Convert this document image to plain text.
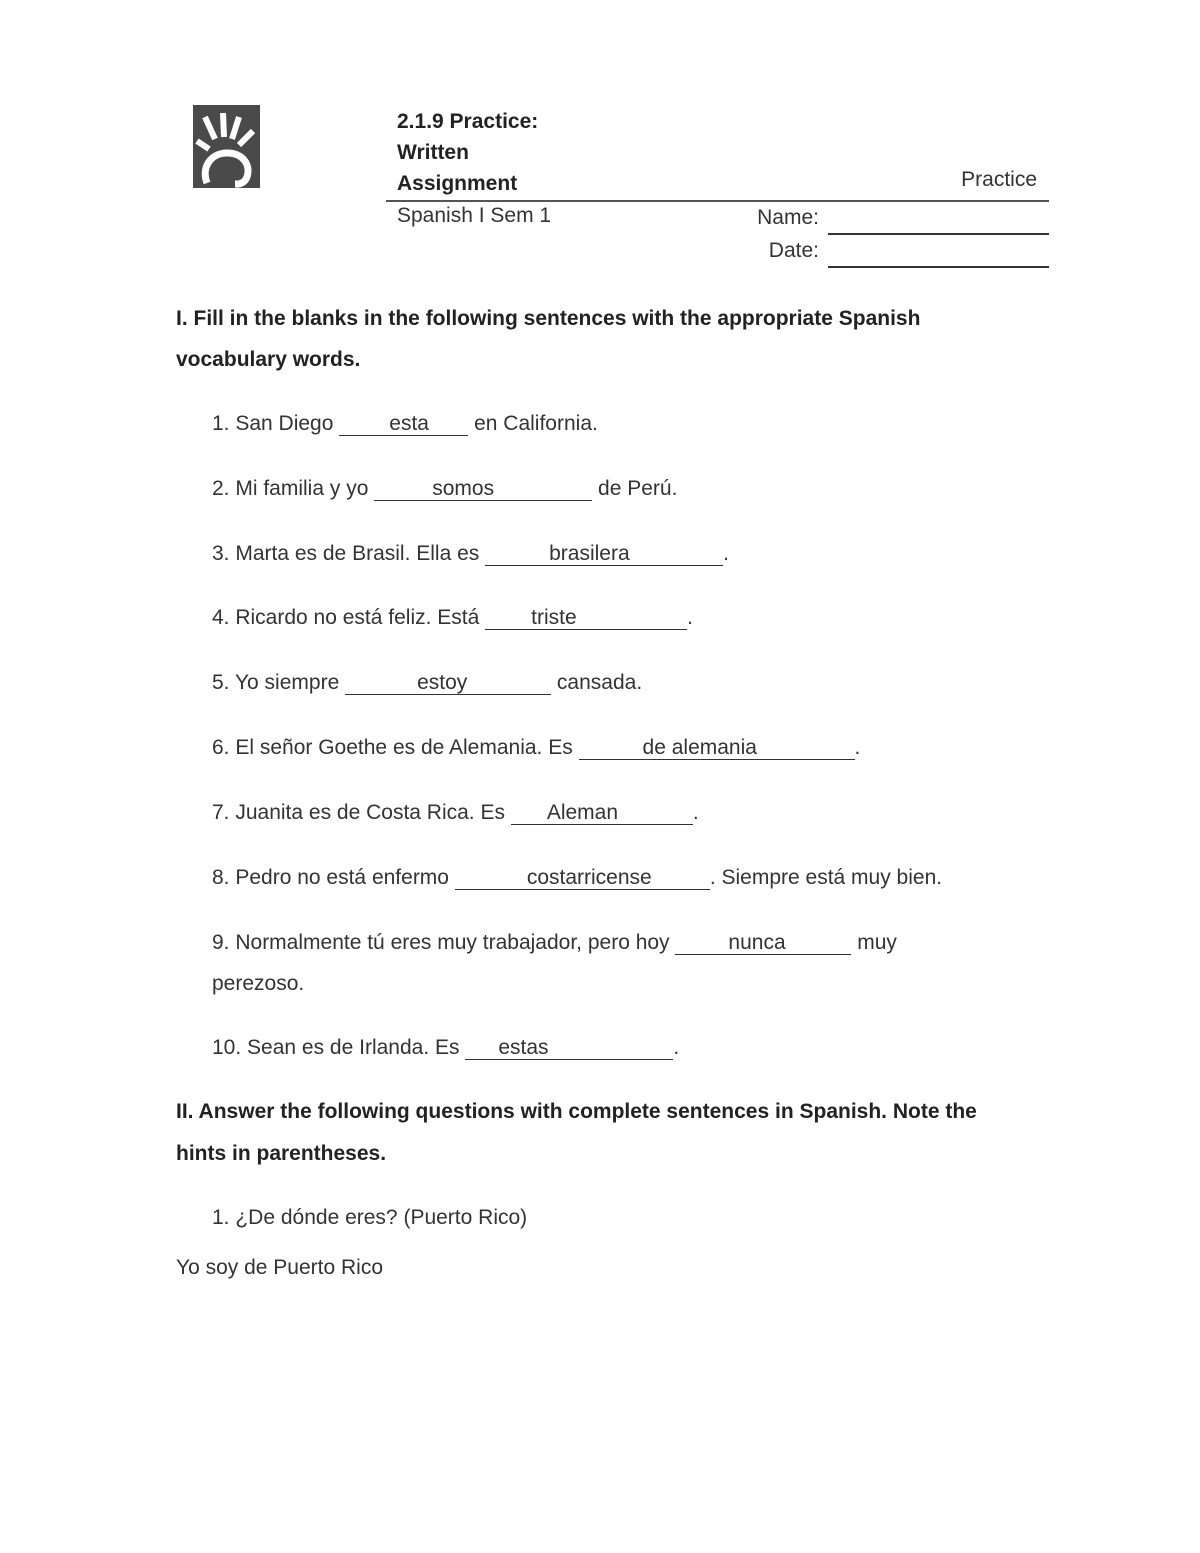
2.1.9 Practice:
Written
Assignment	Practice
Spanish I Sem 1	Name:
Date:
I. Fill in the blanks in the following sentences with the appropriate Spanish
vocabulary words.
1. San Diego esta en California.
2. Mi familia y yo	somos	de Perú.
3. Marta es de Brasil. Ella es	brasilera	.
4. Ricardo no está feliz. Está triste	.
5. Yo siempre	estoy	cansada.
6. El señor Goethe es de Alemania. Es	de alemania	.
7. Juanita es de Costa Rica. Es Aleman	.
8. Pedro no está enfermo	costarricense	. Siempre está muy bien.
9. Normalmente tú eres muy trabajador, pero hoy	nunca	muy
perezoso.
10. Sean es de Irlanda. Es estas	.
II. Answer the following questions with complete sentences in Spanish. Note the
hints in parentheses.
1. ¿De dónde eres? (Puerto Rico)
Yo soy de Puerto Rico
